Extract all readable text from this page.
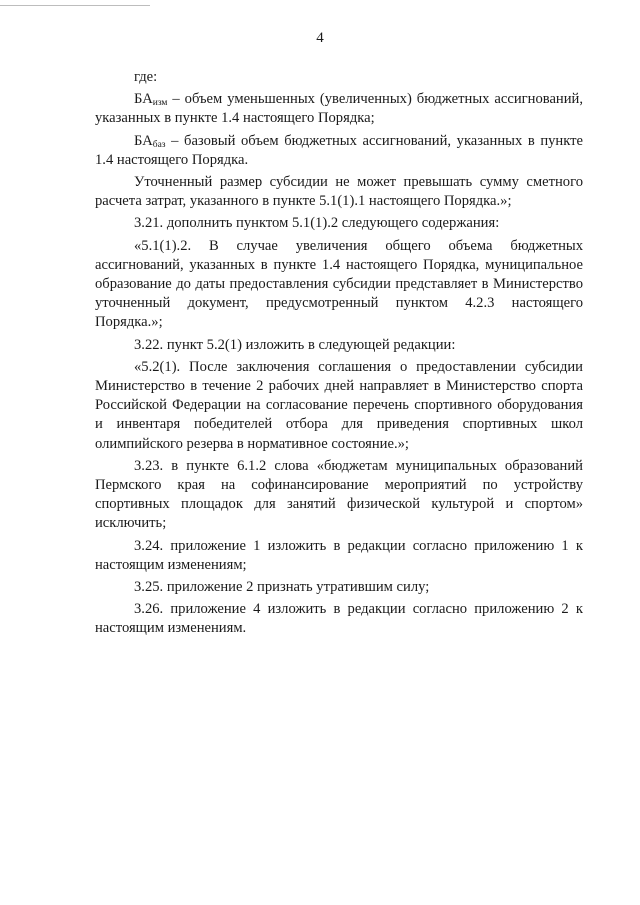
4

где:

$БА_{изм}$ – объем уменьшенных (увеличенных) бюджетных ассигнований, указанных в пункте 1.4 настоящего Порядка;

$БА_{баз}$ – базовый объем бюджетных ассигнований, указанных в пункте 1.4 настоящего Порядка.

Уточненный размер субсидии не может превышать сумму сметного расчета затрат, указанного в пункте 5.1(1).1 настоящего Порядка.»;

3.21. дополнить пунктом 5.1(1).2 следующего содержания:

«5.1(1).2. В случае увеличения общего объема бюджетных ассигнований, указанных в пункте 1.4 настоящего Порядка, муниципальное образование до даты предоставления субсидии представляет в Министерство уточненный документ, предусмотренный пунктом 4.2.3 настоящего Порядка.»;

3.22. пункт 5.2(1) изложить в следующей редакции:

«5.2(1). После заключения соглашения о предоставлении субсидии Министерство в течение 2 рабочих дней направляет в Министерство спорта Российской Федерации на согласование перечень спортивного оборудования и инвентаря победителей отбора для приведения спортивных школ олимпийского резерва в нормативное состояние.»;

3.23. в пункте 6.1.2 слова «бюджетам муниципальных образований Пермского края на софинансирование мероприятий по устройству спортивных площадок для занятий физической культурой и спортом» исключить;

3.24. приложение 1 изложить в редакции согласно приложению 1 к настоящим изменениям;

3.25. приложение 2 признать утратившим силу;

3.26. приложение 4 изложить в редакции согласно приложению 2 к настоящим изменениям.
